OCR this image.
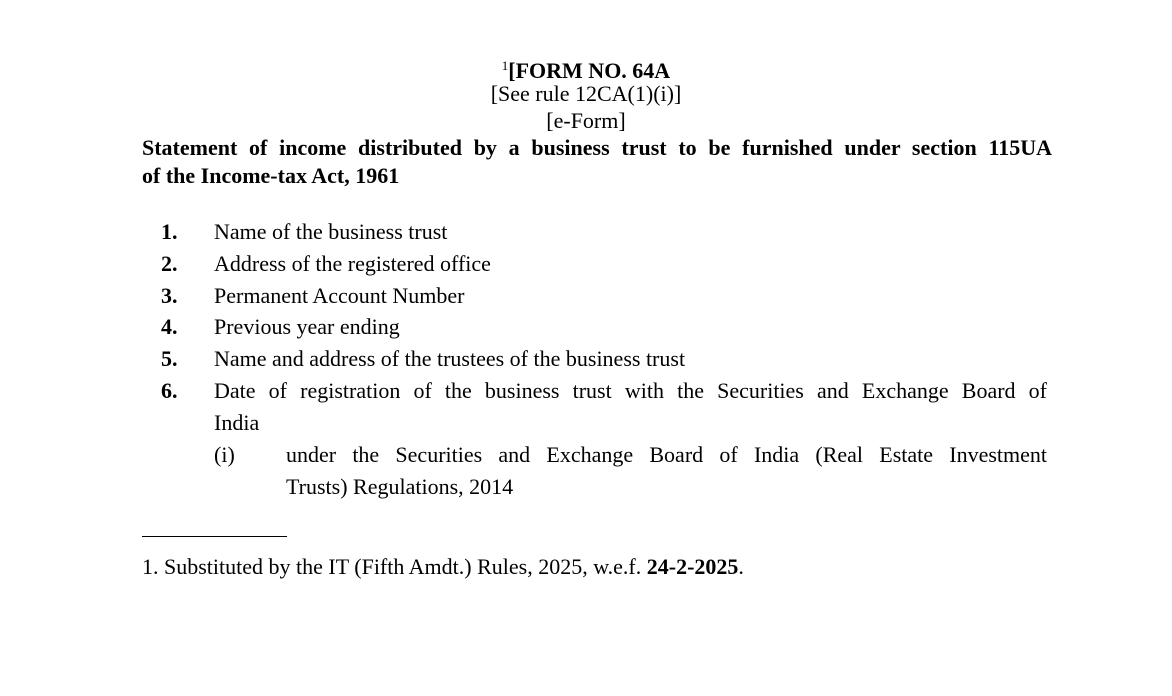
$^1$[FORM NO. 64A
[See rule 12CA(1)(i)]
[e-Form]
Statement of income distributed by a business trust to be furnished under section 115UA
of the Income-tax Act, 1961
1.	Name of the business trust
2.	Address of the registered office
3.	Permanent Account Number
4.	Previous year ending
5.	Name and address of the trustees of the business trust
6.	Date of registration of the business trust with the Securities and Exchange Board of
India
(i) under the Securities and Exchange Board of India (Real Estate Investment
Trusts) Regulations, 2014
1. Substituted by the IT (Fifth Amdt.) Rules, 2025, w.e.f. 24-2-2025.
